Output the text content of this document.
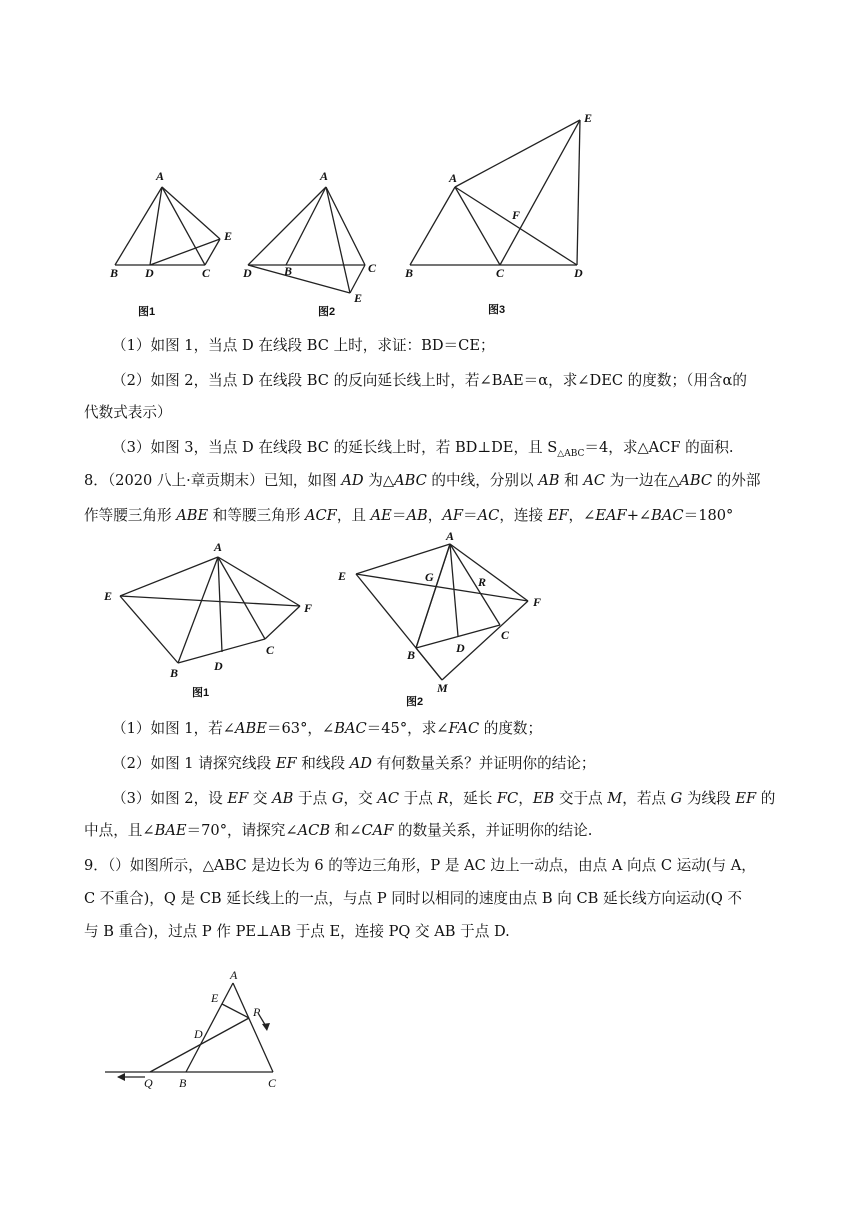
A
B D	C
E
图1
A
D	B	C
E
图2
A
B	C	D
E
F
图3
（1）如图 1，当点 D 在线段 BC 上时，求证：BD＝CE；
（2）如图 2，当点 D 在线段 BC 的反向延长线上时，若∠BAE＝α，求∠DEC 的度数；（用含α的
代数式表示）
（3）如图 3，当点 D 在线段 BC 的延长线上时，若 BD⊥DE，且 $S_{\triangle ABC}=4$，求△ACF 的面积.
8．（2020 八上·章贡期末）已知，如图 AD 为△ABC 的中线，分别以 AB 和 AC 为一边在△ABC 的外部
作等腰三角形 ABE 和等腰三角形 ACF，且 AE＝AB，AF＝AC，连接 EF，∠EAF+∠BAC＝180°
A
E
F
B	D
C
图1
A
E	G	R
F
B	D
C
M
图2
（1）如图 1，若∠ABE＝63°，∠BAC＝45°，求∠FAC 的度数；
（2）如图 1 请探究线段 EF 和线段 AD 有何数量关系？并证明你的结论；
（3）如图 2，设 EF 交 AB 于点 G，交 AC 于点 R，延长 FC，EB 交于点 M，若点 G 为线段 EF 的
中点，且∠BAE＝70°，请探究∠ACB 和∠CAF 的数量关系，并证明你的结论.
9．（）如图所示，△ABC 是边长为 6 的等边三角形，P 是 AC 边上一动点，由点 A 向点 C 运动(与 A，
C 不重合)，Q 是 CB 延长线上的一点，与点 P 同时以相同的速度由点 B 向 CB 延长线方向运动(Q 不
与 B 重合)，过点 P 作 PE⊥AB 于点 E，连接 PQ 交 AB 于点 D.
A
E
P
D
Q B	C
